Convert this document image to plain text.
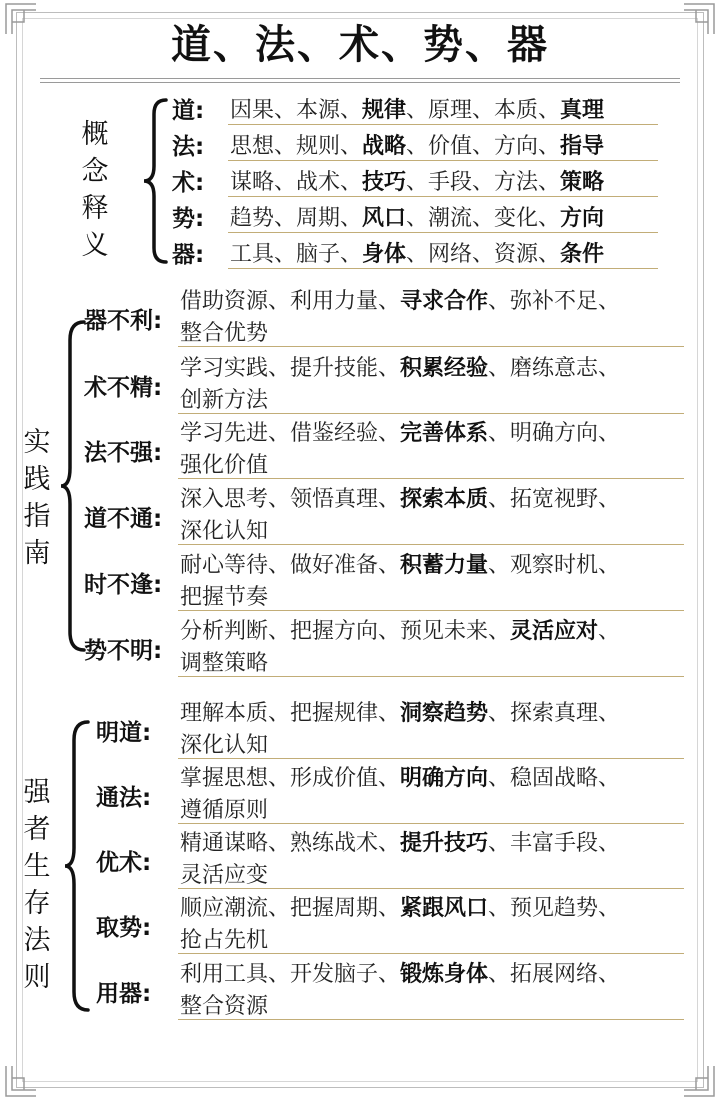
道、法、术、势、器
概念释义
道: 因果、本源、规律、原理、本质、真理
法: 思想、规则、战略、价值、方向、指导
术: 谋略、战术、技巧、手段、方法、策略
势: 趋势、周期、风口、潮流、变化、方向
器: 工具、脑子、身体、网络、资源、条件
实践指南
器不利:
借助资源、利用力量、寻求合作、弥补不足、
整合优势
术不精:
学习实践、提升技能、积累经验、磨练意志、
创新方法
法不强:
学习先进、借鉴经验、完善体系、明确方向、
强化价值
道不通:
深入思考、领悟真理、探索本质、拓宽视野、
深化认知
时不逢:
耐心等待、做好准备、积蓄力量、观察时机、
把握节奏
势不明:
分析判断、把握方向、预见未来、灵活应对、
调整策略
强者生存法则
明道:
理解本质、把握规律、洞察趋势、探索真理、
深化认知
通法:
掌握思想、形成价值、明确方向、稳固战略、
遵循原则
优术:
精通谋略、熟练战术、提升技巧、丰富手段、
灵活应变
取势:
顺应潮流、把握周期、紧跟风口、预见趋势、
抢占先机
用器:
利用工具、开发脑子、锻炼身体、拓展网络、
整合资源
